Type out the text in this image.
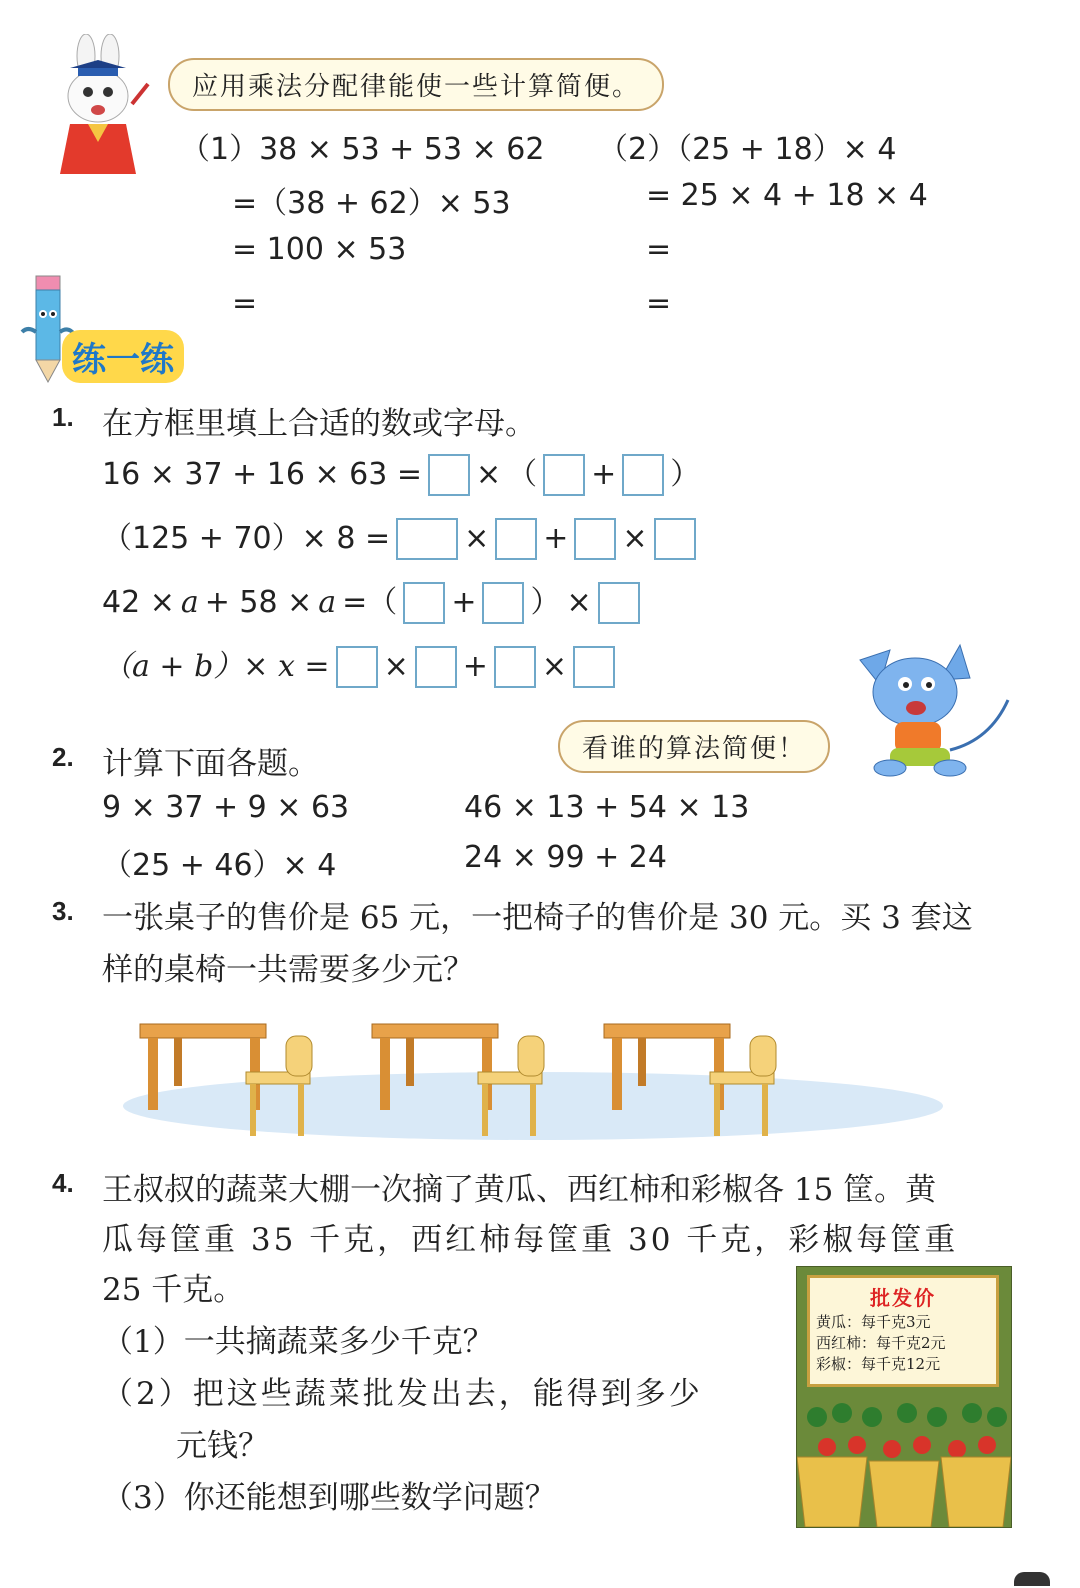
应用乘法分配律能使一些计算简便。
（1）38 × 53 + 53 × 62
=（38 + 62）× 53
= 100 × 53
=
（2）（25 + 18）× 4
= 25 × 4 + 18 × 4
=
=
练一练
1. 在方框里填上合适的数或字母。
16 × 37 + 16 × 63 = × （ + ）
（125 + 70）× 8 = × + ×
42 × a + 58 × a =（ + ） ×
（a + b）× x = × + ×
看谁的算法简便！
2. 计算下面各题。
9 × 37 + 9 × 63	46 × 13 + 54 × 13
（25 + 46）× 4	24 × 99 + 24
3. 一张桌子的售价是 65 元，一把椅子的售价是 30 元。买 3 套这
样的桌椅一共需要多少元？
4. 王叔叔的蔬菜大棚一次摘了黄瓜、西红柿和彩椒各 15 筐。黄
瓜每筐重 35 千克，西红柿每筐重 30 千克，彩椒每筐重
25 千克。
（1）一共摘蔬菜多少千克？
（2）把这些蔬菜批发出去，能得到多少
元钱？
（3）你还能想到哪些数学问题？
批发价
黄瓜：每千克3元
西红柿：每千克2元
彩椒：每千克12元
